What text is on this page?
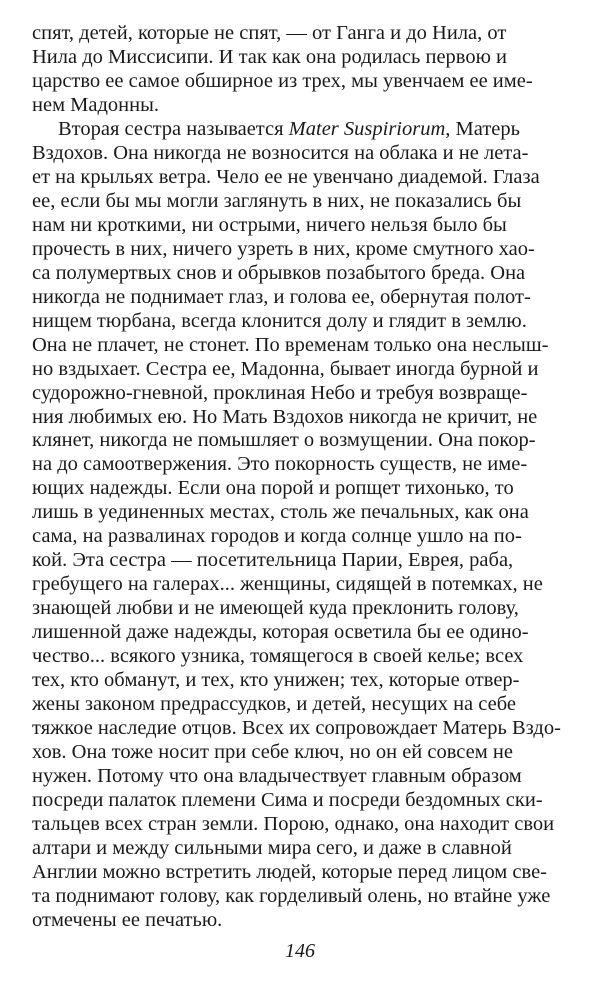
спят, детей, которые не спят, — от Ганга и до Нила, от
Нила до Миссисипи. И так как она родилась первою и
царство ее самое обширное из трех, мы увенчаем ее име-
нем Мадонны.
Вторая сестра называется Mater Suspiriorum, Матерь
Вздохов. Она никогда не возносится на облака и не лета-
ет на крыльях ветра. Чело ее не увенчано диадемой. Глаза
ее, если бы мы могли заглянуть в них, не показались бы
нам ни кроткими, ни острыми, ничего нельзя было бы
прочесть в них, ничего узреть в них, кроме смутного хао-
са полумертвых снов и обрывков позабытого бреда. Она
никогда не поднимает глаз, и голова ее, обернутая полот-
нищем тюрбана, всегда клонится долу и глядит в землю.
Она не плачет, не стонет. По временам только она неслыш-
но вздыхает. Сестра ее, Мадонна, бывает иногда бурной и
судорожно-гневной, проклиная Небо и требуя возвраще-
ния любимых ею. Но Мать Вздохов никогда не кричит, не
клянет, никогда не помышляет о возмущении. Она покор-
на до самоотвержения. Это покорность существ, не име-
ющих надежды. Если она порой и ропщет тихонько, то
лишь в уединенных местах, столь же печальных, как она
сама, на развалинах городов и когда солнце ушло на по-
кой. Эта сестра — посетительница Парии, Еврея, раба,
гребущего на галерах... женщины, сидящей в потемках, не
знающей любви и не имеющей куда преклонить голову,
лишенной даже надежды, которая осветила бы ее одино-
чество... всякого узника, томящегося в своей келье; всех
тех, кто обманут, и тех, кто унижен; тех, которые отвер-
жены законом предрассудков, и детей, несущих на себе
тяжкое наследие отцов. Всех их сопровождает Матерь Вздо-
хов. Она тоже носит при себе ключ, но он ей совсем не
нужен. Потому что она владычествует главным образом
посреди палаток племени Сима и посреди бездомных ски-
тальцев всех стран земли. Порою, однако, она находит свои
алтари и между сильными мира сего, и даже в славной
Англии можно встретить людей, которые перед лицом све-
та поднимают голову, как горделивый олень, но втайне уже
отмечены ее печатью.
146
